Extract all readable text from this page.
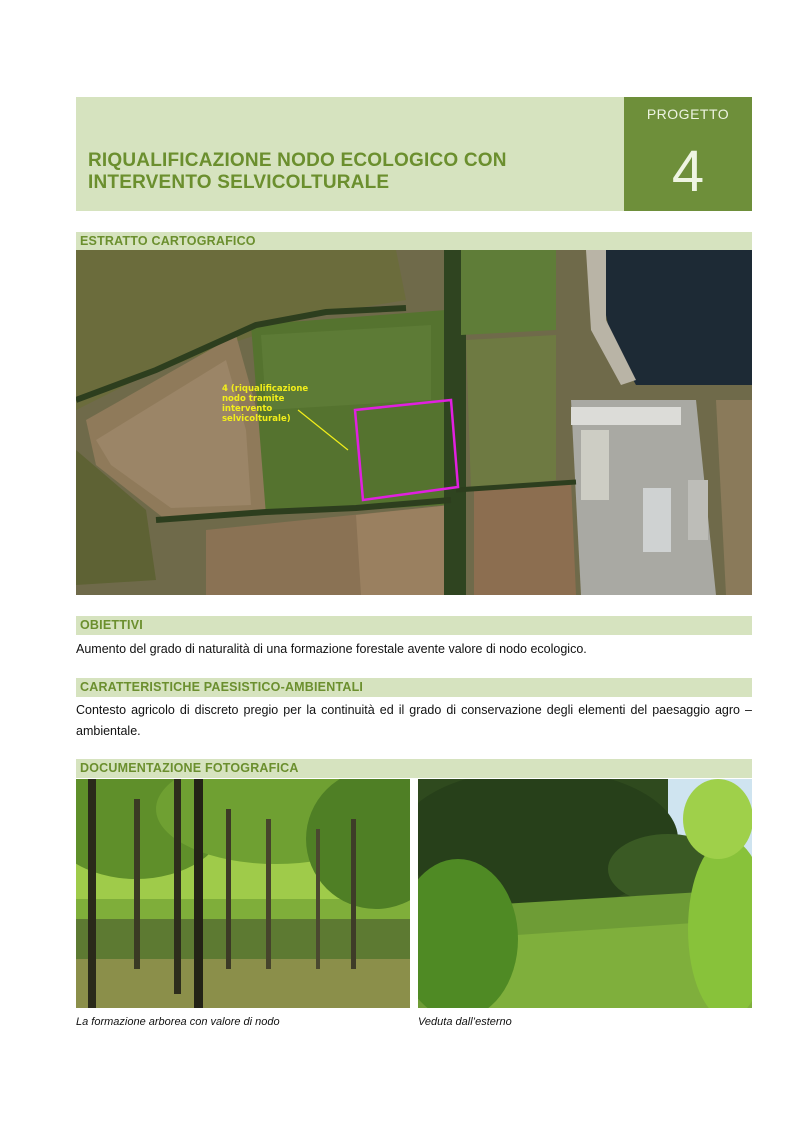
RIQUALIFICAZIONE NODO ECOLOGICO CON INTERVENTO SELVICOLTURALE
PROGETTO
4
ESTRATTO CARTOGRAFICO
4 (riqualificazione nodo tramite intervento selvicolturale)
OBIETTIVI
Aumento del grado di naturalità di una formazione forestale avente valore di nodo ecologico.
CARATTERISTICHE PAESISTICO-AMBIENTALI
Contesto agricolo di discreto pregio per la continuità ed il grado di conservazione degli elementi del paesaggio agro – ambientale.
DOCUMENTAZIONE FOTOGRAFICA
La formazione arborea con valore di nodo	Veduta dall’esterno
